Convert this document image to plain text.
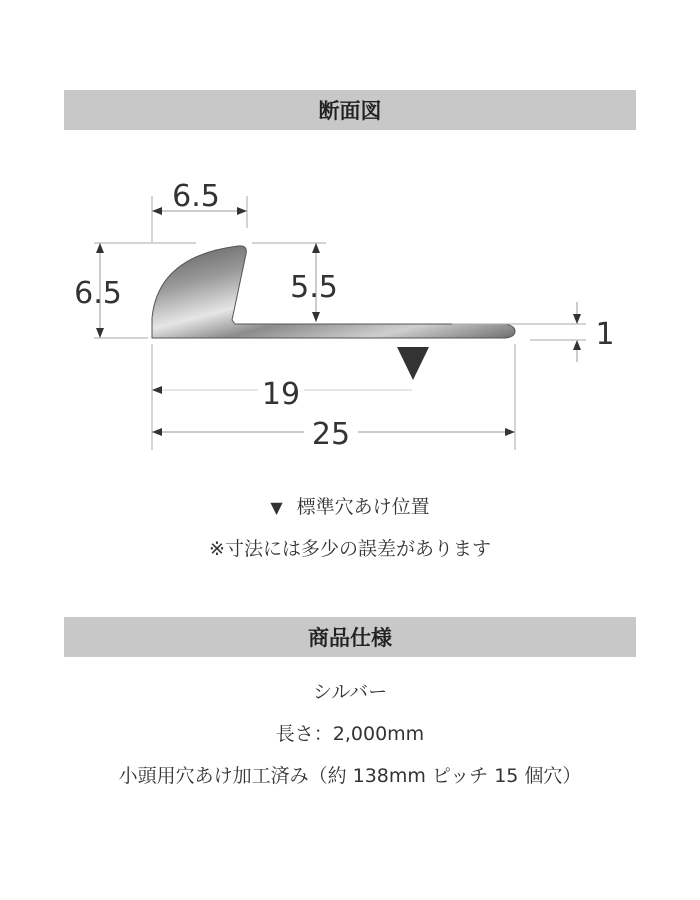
断面図
6.5
6.5	5.5
1
19
25
▼ 標準穴あけ位置
※寸法には多少の誤差があります
商品仕様
シルバー
長さ：2,000mm
小頭用穴あけ加工済み（約 138mm ピッチ 15 個穴）
